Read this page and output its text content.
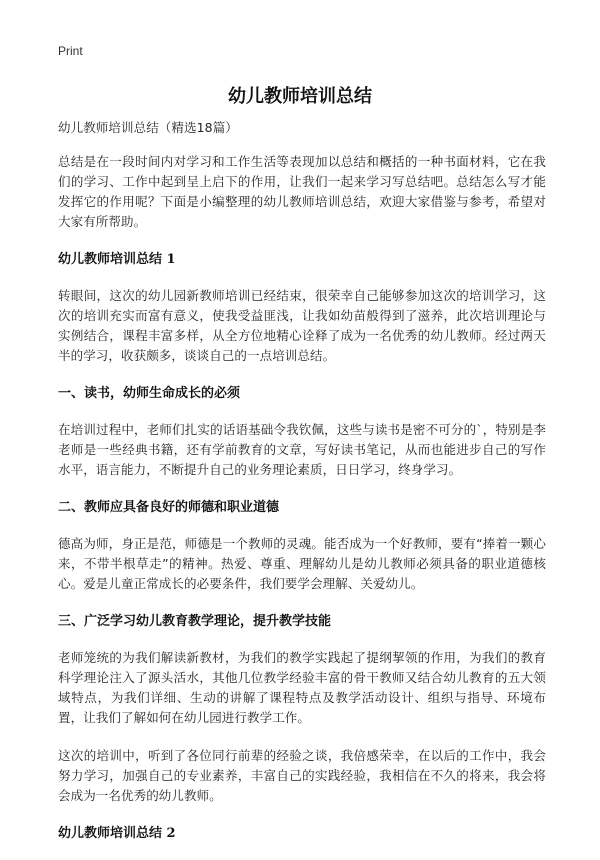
Print
幼儿教师培训总结

幼儿教师培训总结（精选18篇）

总结是在一段时间内对学习和工作生活等表现加以总结和概括的一种书面材料，它在我们的学习、工作中起到呈上启下的作用，让我们一起来学习写总结吧。总结怎么写才能发挥它的作用呢？下面是小编整理的幼儿教师培训总结，欢迎大家借鉴与参考，希望对大家有所帮助。

幼儿教师培训总结 1

转眼间，这次的幼儿园新教师培训已经结束，很荣幸自己能够参加这次的培训学习，这次的培训充实而富有意义，使我受益匪浅，让我如幼苗般得到了滋养，此次培训理论与实例结合，课程丰富多样，从全方位地精心诠释了成为一名优秀的幼儿教师。经过两天半的学习，收获颇多，谈谈自己的一点培训总结。

一、读书，幼师生命成长的必须

在培训过程中，老师们扎实的话语基础令我钦佩，这些与读书是密不可分的`，特别是李老师是一些经典书籍，还有学前教育的文章，写好读书笔记，从而也能进步自己的写作水平，语言能力，不断提升自己的业务理论素质，日日学习，终身学习。

二、教师应具备良好的师德和职业道德

德高为师，身正是范，师德是一个教师的灵魂。能否成为一个好教师，要有“捧着一颗心来，不带半根草走”的精神。热爱、尊重、理解幼儿是幼儿教师必须具备的职业道德核心。爱是儿童正常成长的必要条件，我们要学会理解、关爱幼儿。

三、广泛学习幼儿教育教学理论，提升教学技能

老师笼统的为我们解读新教材，为我们的教学实践起了提纲挈领的作用，为我们的教育科学理论注入了源头活水，其他几位教学经验丰富的骨干教师又结合幼儿教育的五大领域特点，为我们详细、生动的讲解了课程特点及教学活动设计、组织与指导、环境布置，让我们了解如何在幼儿园进行教学工作。

这次的培训中，听到了各位同行前辈的经验之谈，我倍感荣幸，在以后的工作中，我会努力学习，加强自己的专业素养，丰富自己的实践经验，我相信在不久的将来，我会将会成为一名优秀的幼儿教师。

幼儿教师培训总结 2
